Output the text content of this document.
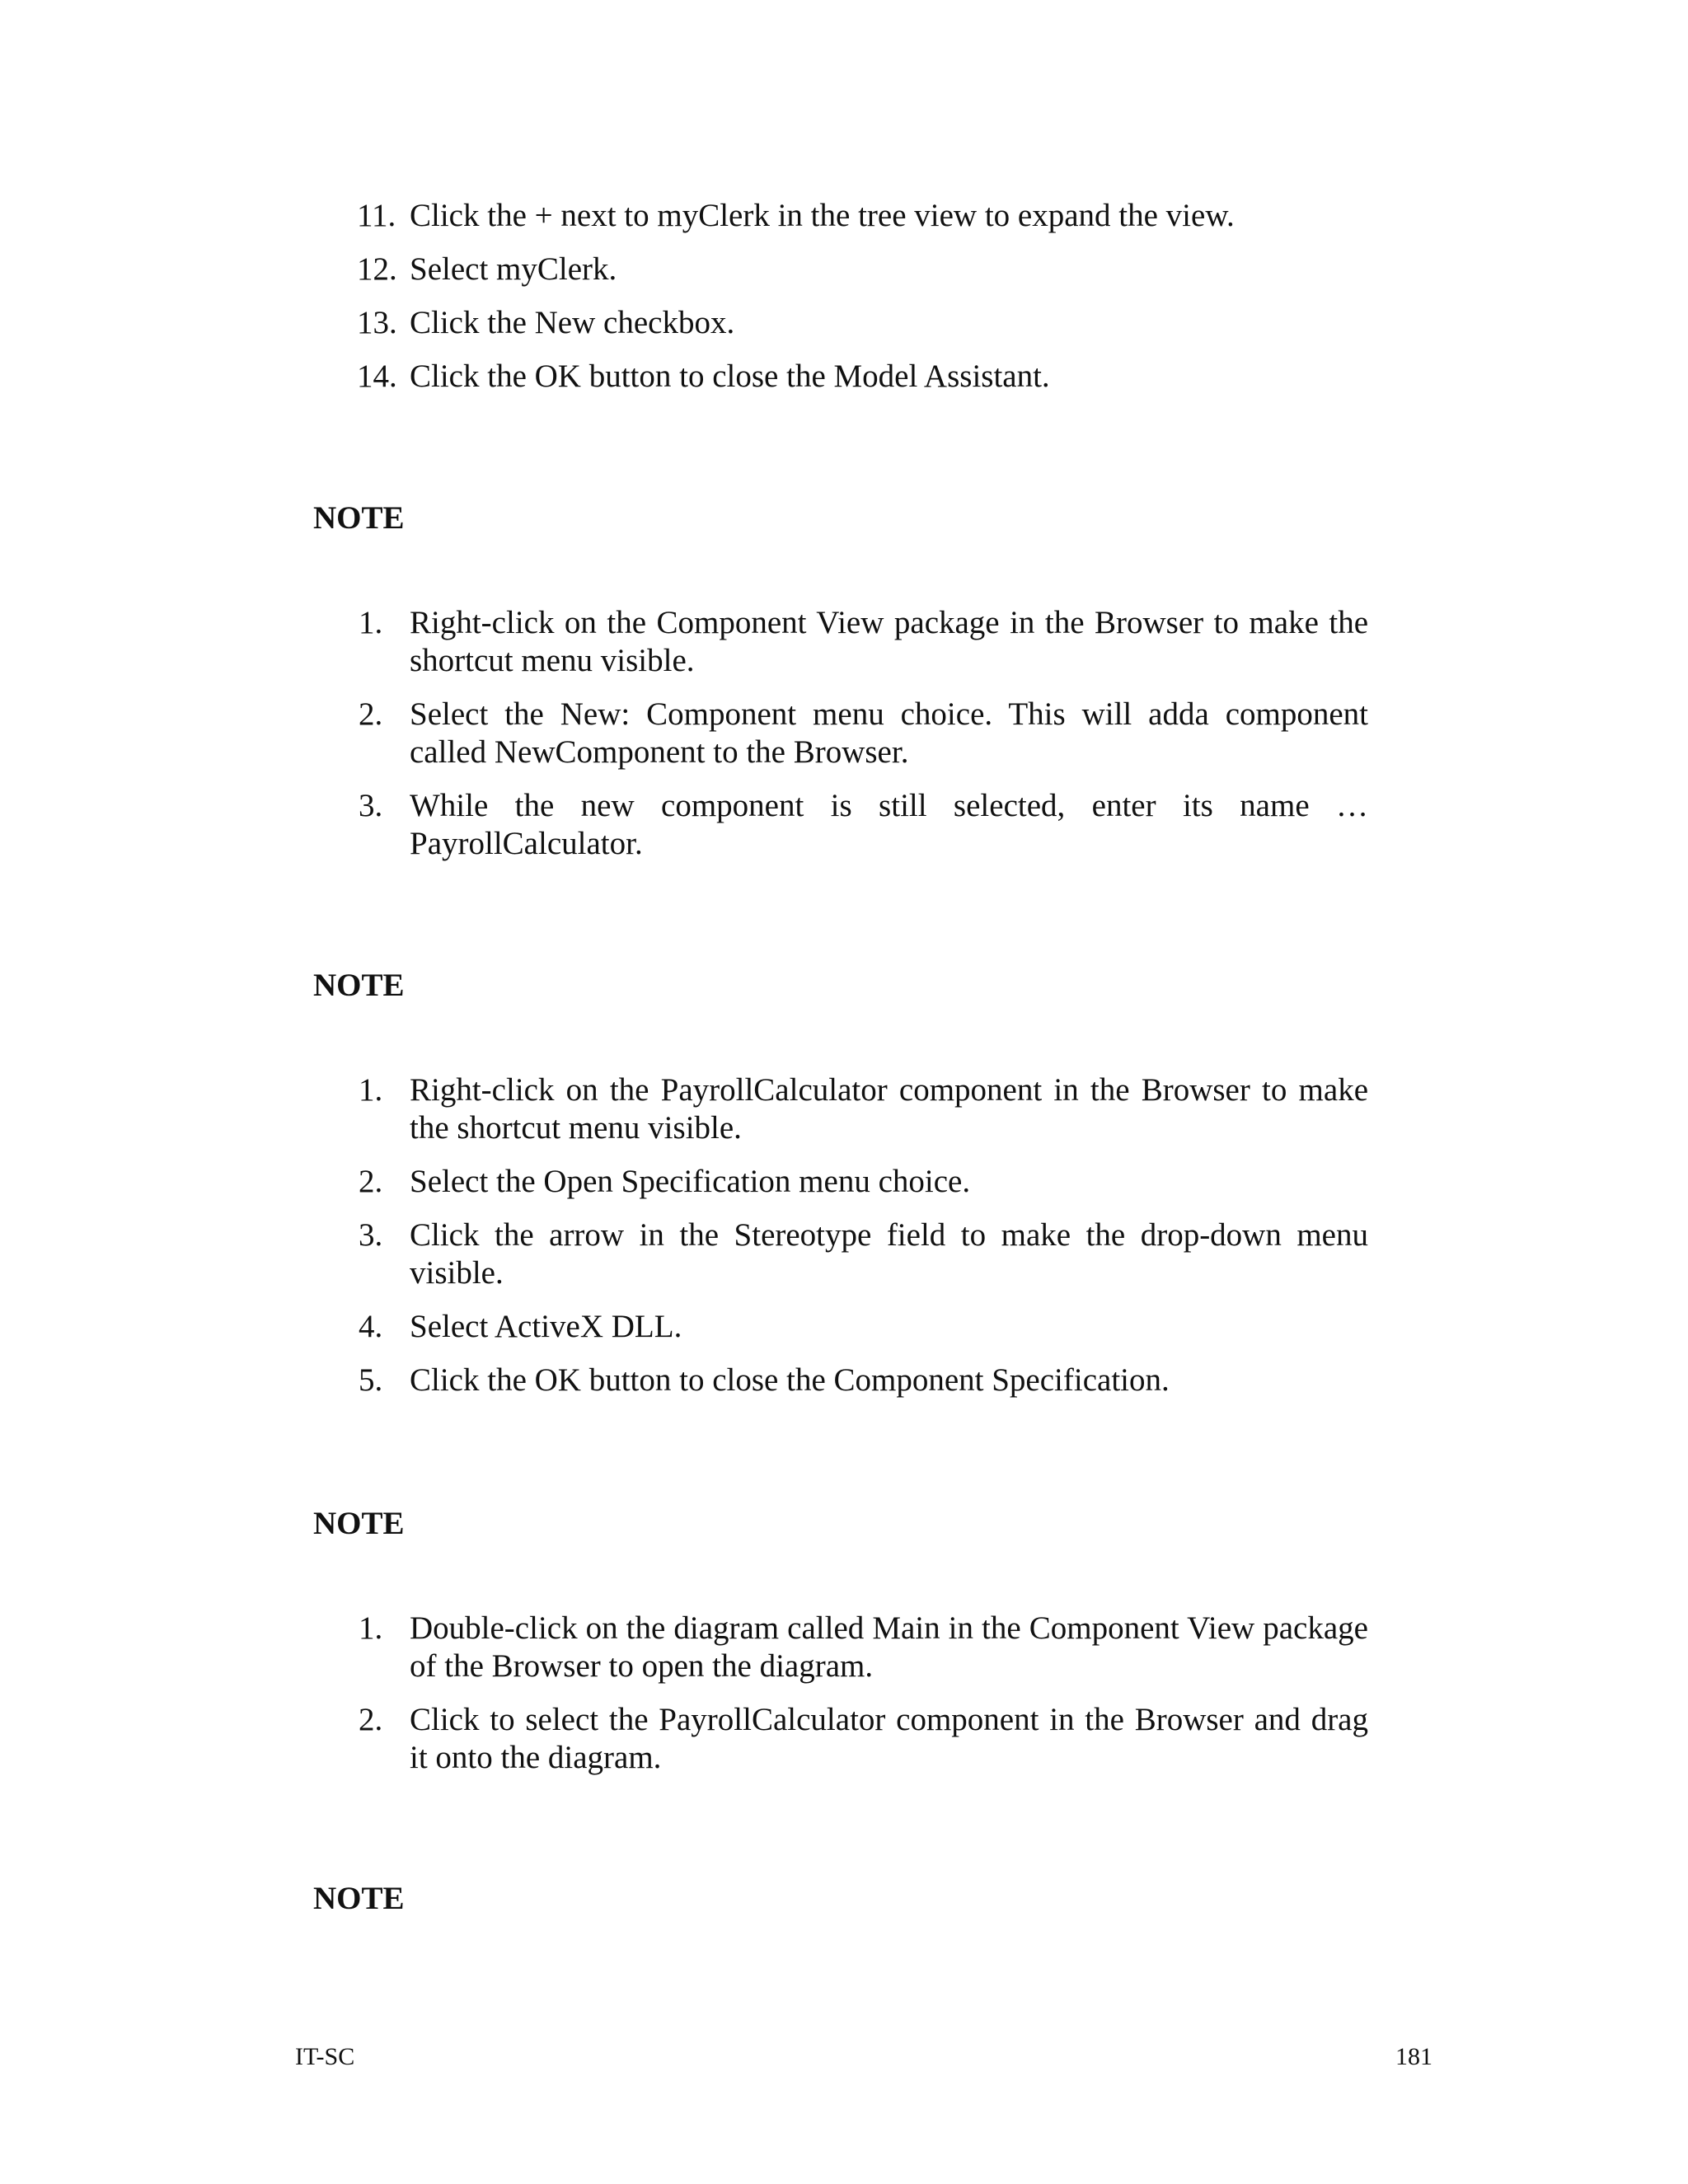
11. Click the + next to myClerk in the tree view to expand the view.
12. Select myClerk.
13. Click the New checkbox.
14. Click the OK button to close the Model Assistant.
NOTE
1. Right-click on the Component View package in the Browser to make the shortcut menu visible.
2. Select the New: Component menu choice. This will adda component called NewComponent to the Browser.
3. While the new component is still selected, enter its name … PayrollCalculator.
NOTE
1. Right-click on the PayrollCalculator component in the Browser to make the shortcut menu visible.
2. Select the Open Specification menu choice.
3. Click the arrow in the Stereotype field to make the drop-down menu visible.
4. Select ActiveX DLL.
5. Click the OK button to close the Component Specification.
NOTE
1. Double-click on the diagram called Main in the Component View package of the Browser to open the diagram.
2. Click to select the PayrollCalculator component in the Browser and drag it onto the diagram.
NOTE
IT-SC	181
